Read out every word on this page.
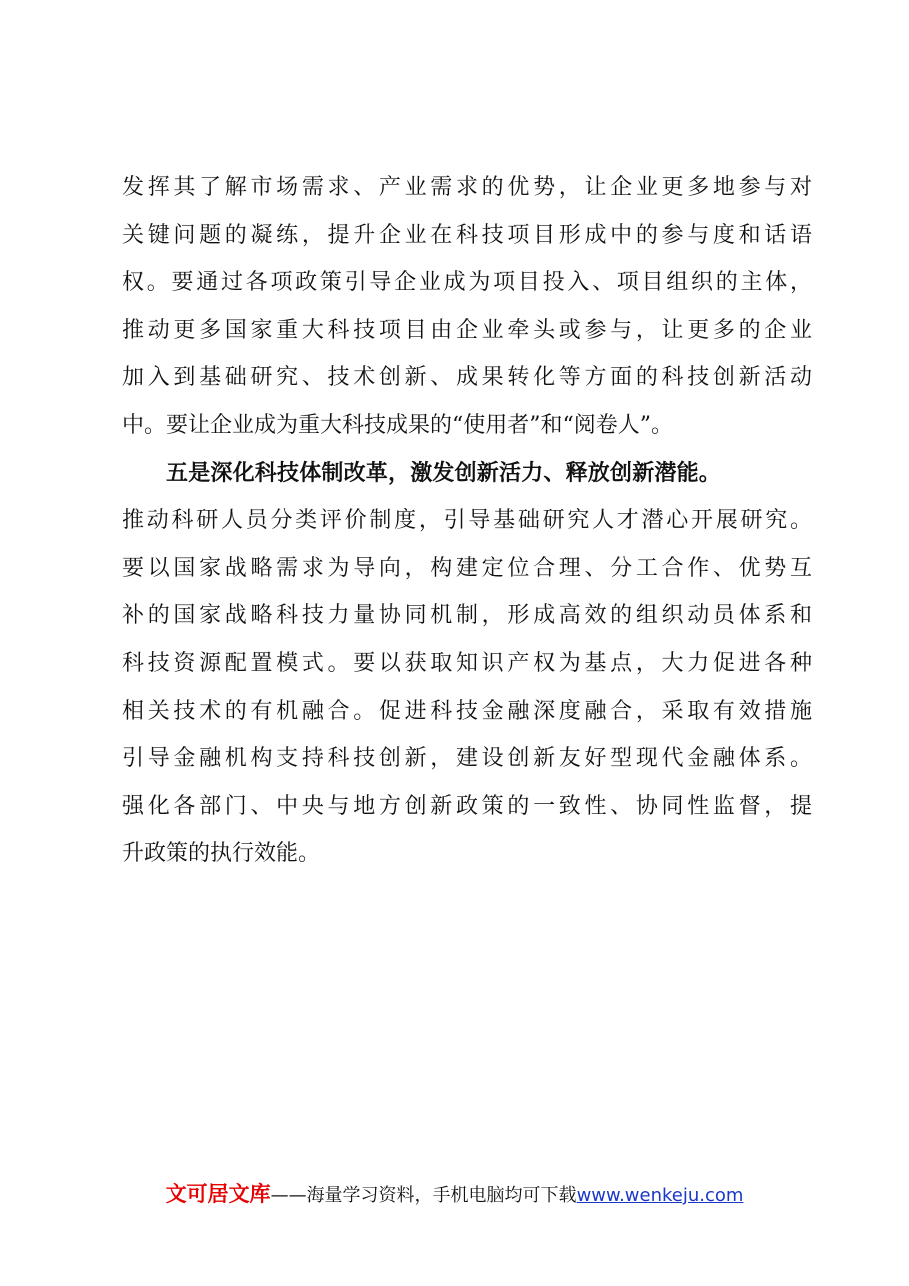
发挥其了解市场需求、产业需求的优势，让企业更多地参与对
关键问题的凝练，提升企业在科技项目形成中的参与度和话语
权。要通过各项政策引导企业成为项目投入、项目组织的主体，
推动更多国家重大科技项目由企业牵头或参与，让更多的企业
加入到基础研究、技术创新、成果转化等方面的科技创新活动
中。要让企业成为重大科技成果的“使用者”和“阅卷人”。
五是深化科技体制改革，激发创新活力、释放创新潜能。
推动科研人员分类评价制度，引导基础研究人才潜心开展研究。
要以国家战略需求为导向，构建定位合理、分工合作、优势互
补的国家战略科技力量协同机制，形成高效的组织动员体系和
科技资源配置模式。要以获取知识产权为基点，大力促进各种
相关技术的有机融合。促进科技金融深度融合，采取有效措施
引导金融机构支持科技创新，建设创新友好型现代金融体系。
强化各部门、中央与地方创新政策的一致性、协同性监督，提
升政策的执行效能。
文可居文库——海量学习资料，手机电脑均可下载www.wenkeju.com
